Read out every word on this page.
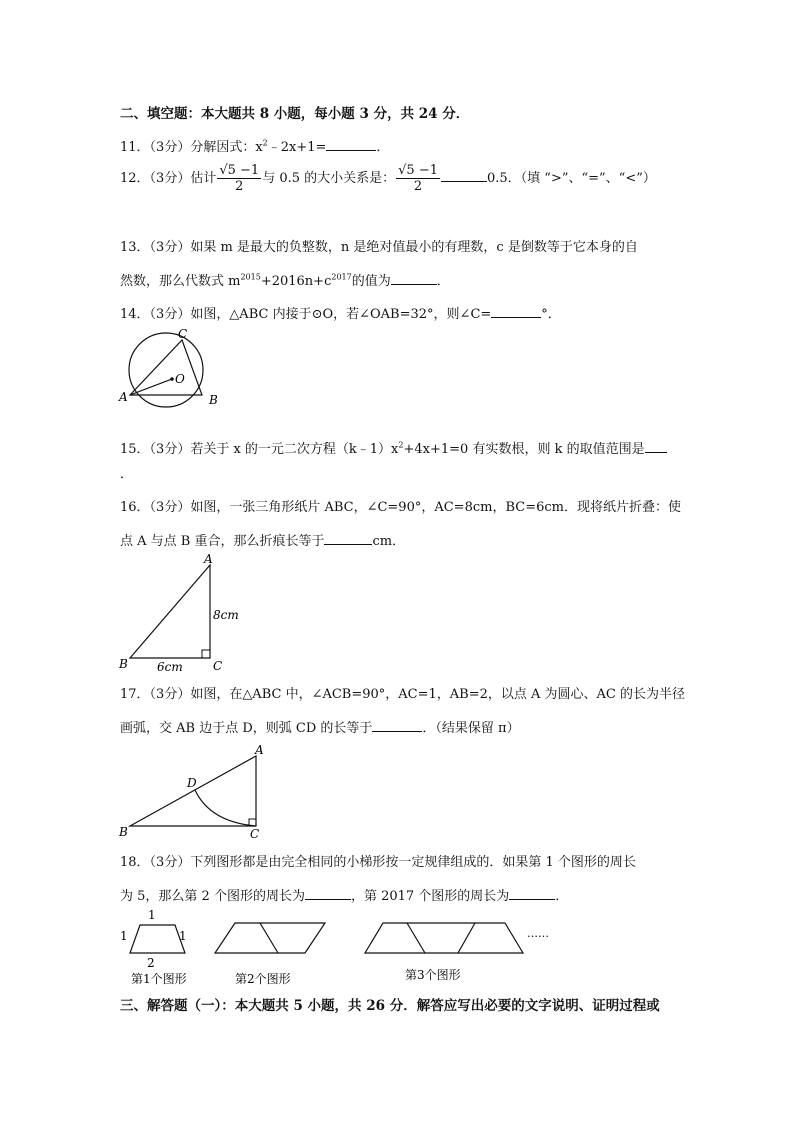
二、填空题：本大题共 8 小题，每小题 3 分，共 24 分．
11．（3分）分解因式：$x^2﹣2x+1=$	．
12．（3分）估计 $\frac{√5 -1}{2}$ 与 0.5 的大小关系是： $\frac{√5 -1}{2}$	0.5．（填 “>”、“=”、“<”）
13．（3分）如果 m 是最大的负整数，n 是绝对值最小的有理数，c 是倒数等于它本身的自
然数，那么代数式 $m^{2015}+2016n+c^{2017}$的值为	．
14．（3分）如图，△ABC 内接于⊙O，若∠OAB=32°，则∠C=	°．
C
O
A	B
15．（3分）若关于 x 的一元二次方程$(k﹣1)x^2+4x+1=0$ 有实数根，则 k 的取值范围是
．
16．（3分）如图，一张三角形纸片 ABC，∠C=90°，AC=8cm，BC=6cm．现将纸片折叠：使
点 A 与点 B 重合，那么折痕长等于	cm．
A
B	C
8cm
6cm
17．（3分）如图，在△ABC 中，∠ACB=90°，AC=1，AB=2，以点 A 为圆心、AC 的长为半径
画弧，交 AB 边于点 D，则弧 CD 的长等于	．（结果保留 π）
A
D
B	C
18．（3分）下列图形都是由完全相同的小梯形按一定规律组成的．如果第 1 个图形的周长
为 5，那么第 2 个图形的周长为	，第 2017 个图形的周长为	．
1
1	1
2
第1个图形	第2个图形	第3个图形
……
三、解答题（一）：本大题共 5 小题，共 26 分．解答应写出必要的文字说明、证明过程或
